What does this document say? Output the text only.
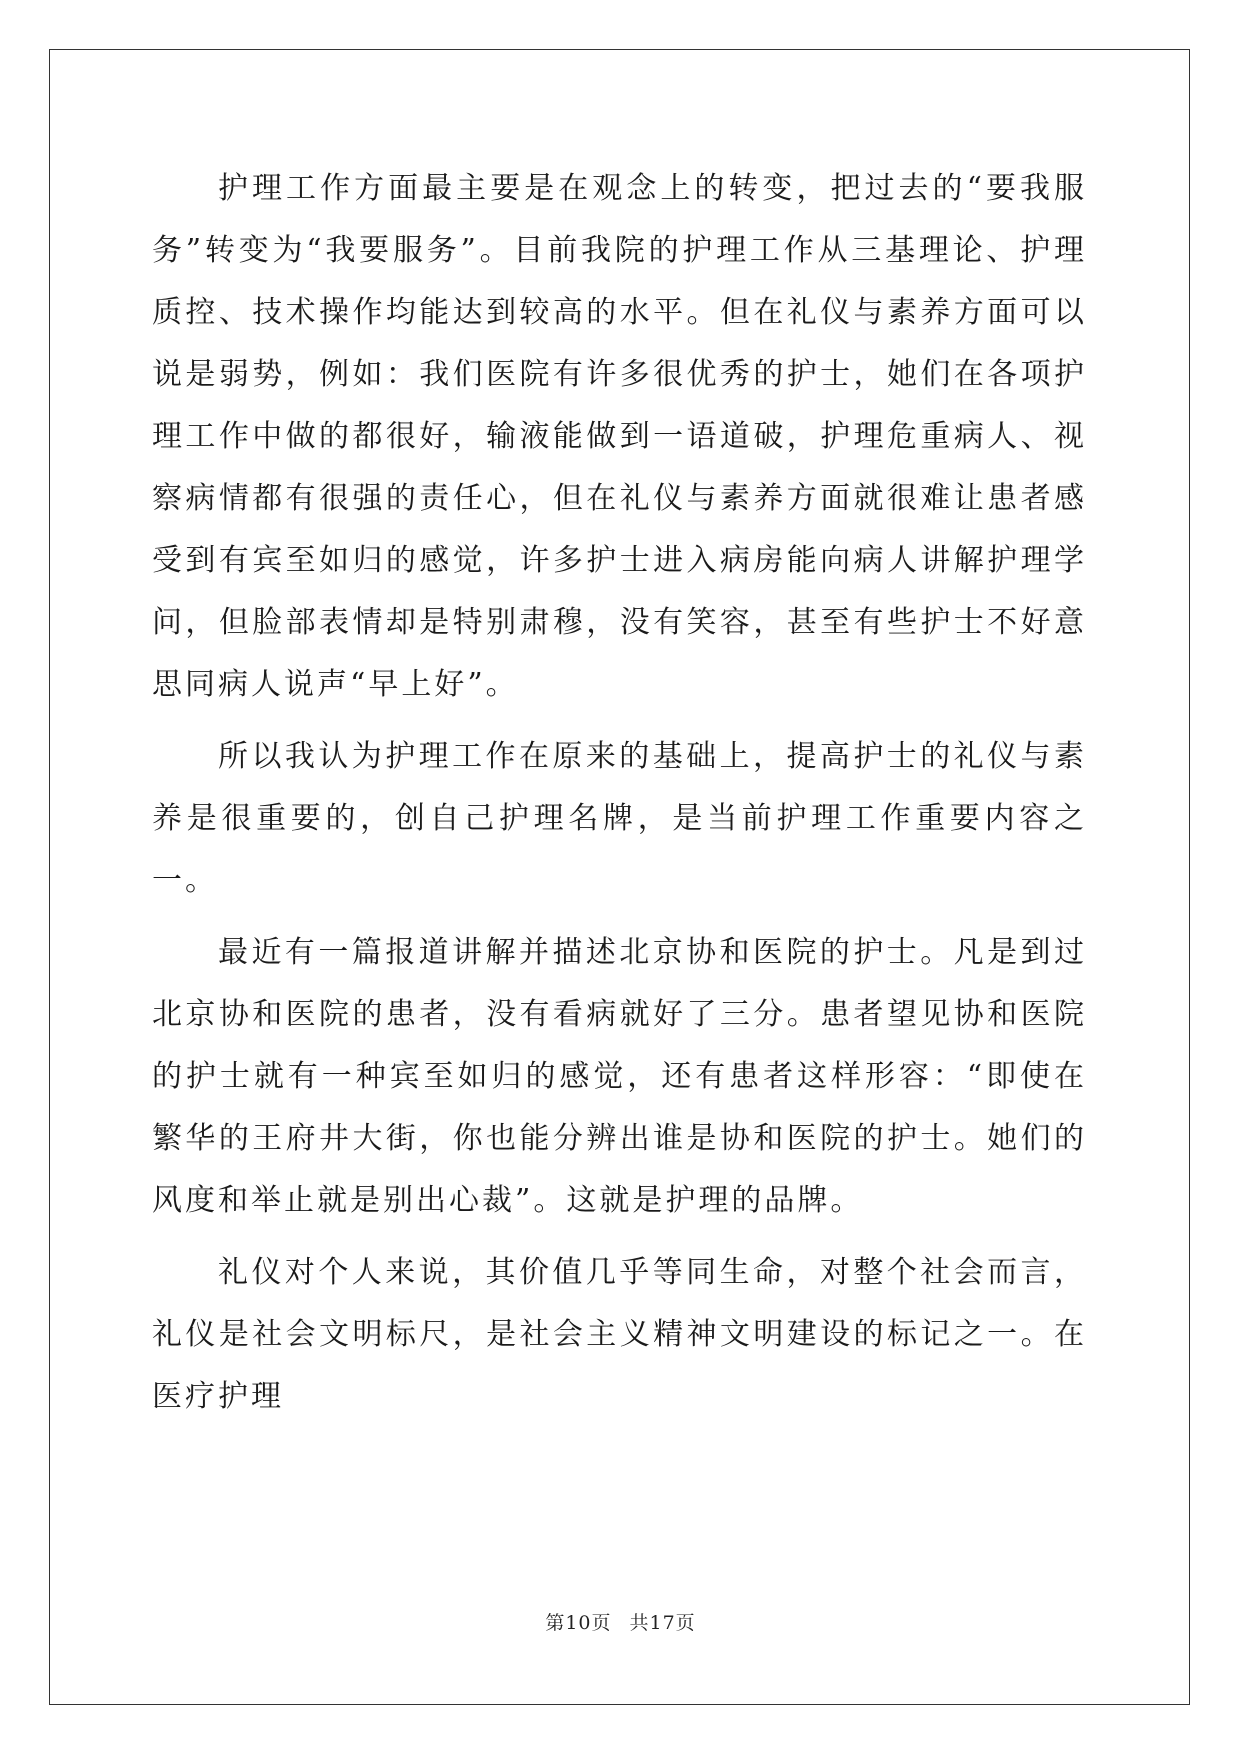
护理工作方面最主要是在观念上的转变，把过去的“要我服务”转变为“我要服务”。目前我院的护理工作从三基理论、护理质控、技术操作均能达到较高的水平。但在礼仪与素养方面可以说是弱势，例如：我们医院有许多很优秀的护士，她们在各项护理工作中做的都很好，输液能做到一语道破，护理危重病人、视察病情都有很强的责任心，但在礼仪与素养方面就很难让患者感受到有宾至如归的感觉，许多护士进入病房能向病人讲解护理学问，但脸部表情却是特别肃穆，没有笑容，甚至有些护士不好意思同病人说声“早上好”。

所以我认为护理工作在原来的基础上，提高护士的礼仪与素养是很重要的，创自己护理名牌，是当前护理工作重要内容之一。

最近有一篇报道讲解并描述北京协和医院的护士。凡是到过北京协和医院的患者，没有看病就好了三分。患者望见协和医院的护士就有一种宾至如归的感觉，还有患者这样形容：“即使在繁华的王府井大街，你也能分辨出谁是协和医院的护士。她们的风度和举止就是别出心裁”。这就是护理的品牌。

礼仪对个人来说，其价值几乎等同生命，对整个社会而言，礼仪是社会文明标尺，是社会主义精神文明建设的标记之一。在医疗护理

第10页 共17页
